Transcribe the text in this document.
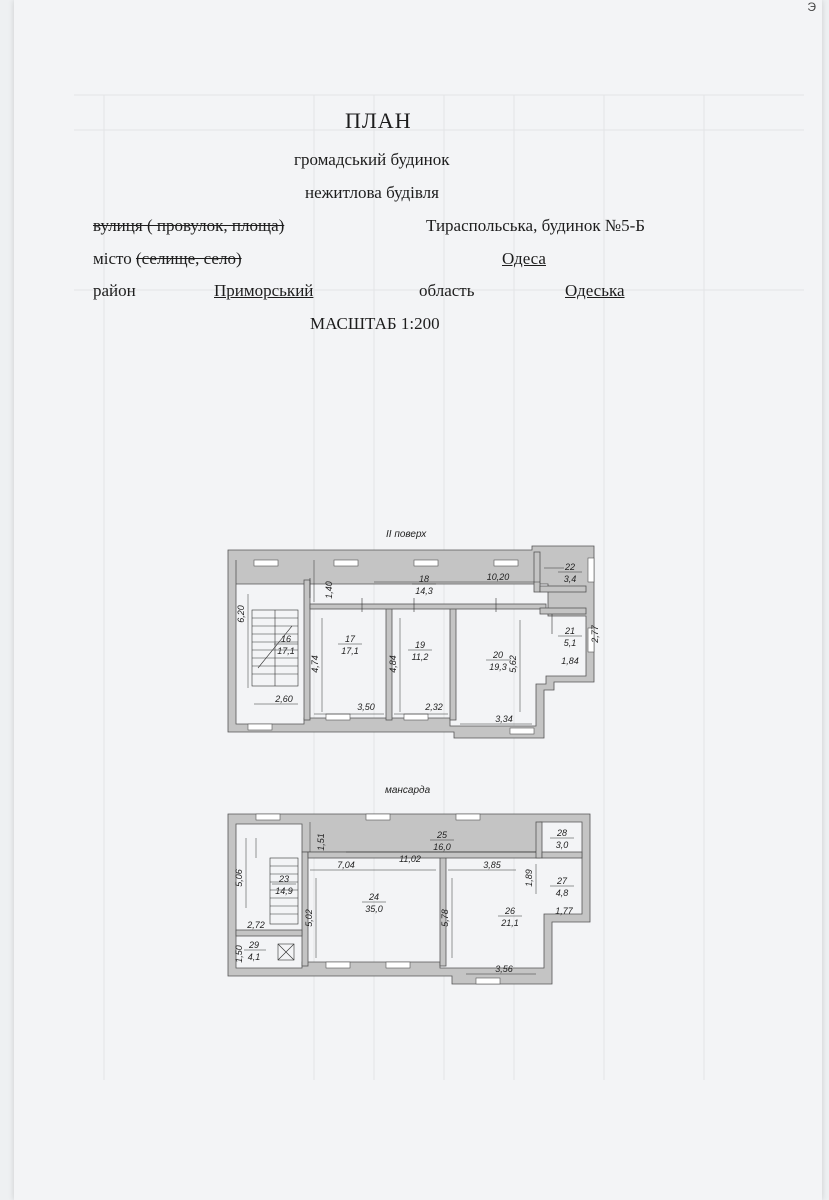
Э
ПЛАН
громадський будинок
нежитлова будівля
вулиця ( провулок, площа)	Тираспольська, будинок №5-Б
місто (селище, село)	Одеса
район	Приморський	область	Одеська
МАСШТАБ 1:200
II поверх
мансарда
18
14,3
16
17,1
17
17,1
19
11,2	20
19,3
21
5,1
22
3,4
6,20
1,40
10,20
4,74	4,84	5,62
2,77
1,84
2,60
3,50	2,32
3,34
25
16,0
23
14,9
24
35,0	26
21,1
27
4,8
28
3,0
29
4,1
1,51
11,02
5,06
7,04	3,85
1,89
5,02	5,78	1,77
2,72
1,50
3,56
